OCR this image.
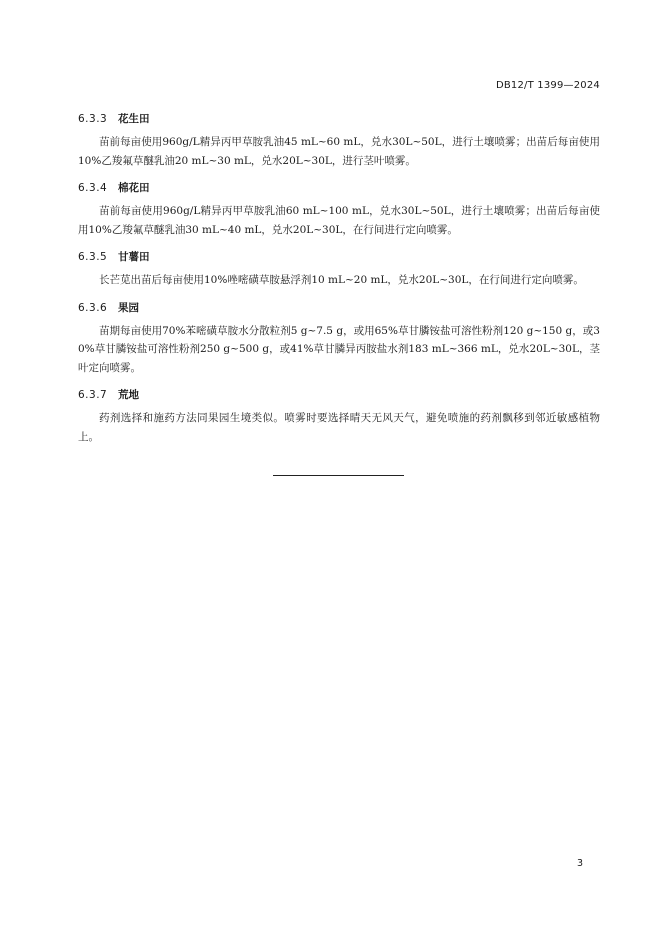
DB12/T 1399—2024
6.3.3 花生田

苗前每亩使用960g/L精异丙甲草胺乳油45 mL~60 mL，兑水30L~50L，进行土壤喷雾；出苗后每亩使用10%乙羧氟草醚乳油20 mL~30 mL，兑水20L~30L，进行茎叶喷雾。

6.3.4 棉花田

苗前每亩使用960g/L精异丙甲草胺乳油60 mL~100 mL，兑水30L~50L，进行土壤喷雾；出苗后每亩使用10%乙羧氟草醚乳油30 mL~40 mL，兑水20L~30L，在行间进行定向喷雾。

6.3.5 甘薯田

长芒苋出苗后每亩使用10%唑嘧磺草胺悬浮剂10 mL~20 mL，兑水20L~30L，在行间进行定向喷雾。

6.3.6 果园

苗期每亩使用70%苯嘧磺草胺水分散粒剂5 g~7.5 g，或用65%草甘膦铵盐可溶性粉剂120 g~150 g，或30%草甘膦铵盐可溶性粉剂250 g~500 g，或41%草甘膦异丙胺盐水剂183 mL~366 mL，兑水20L~30L，茎叶定向喷雾。

6.3.7 荒地

药剂选择和施药方法同果园生境类似。喷雾时要选择晴天无风天气，避免喷施的药剂飘移到邻近敏感植物上。

3
